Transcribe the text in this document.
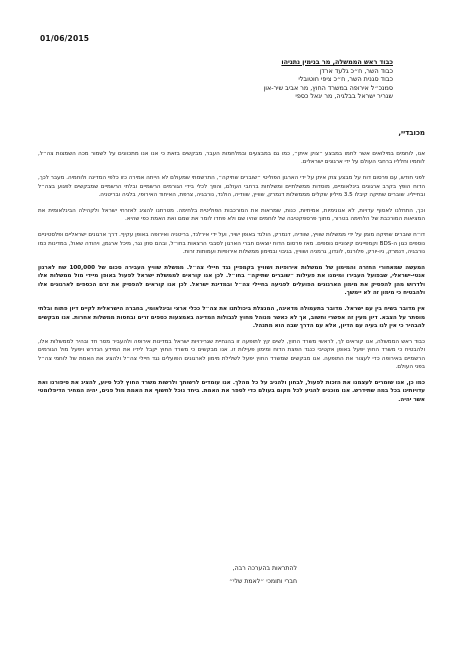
01/06/2015
כבוד ראש הממשלה, מר בנימין נתניהו
כבוד השר, ח״כ גלעד ארדן
כבוד סגנית השר, ח״כ ציפי חוטובלי
סמנכ״ל אירופה במשרד החוץ, מר אביב שיר-און
שגריר ישראל בבלגיה, מר יגאל כספי
מכובדיי,

אנו, לוחמים במילואים אשר לחמו במבצע ״צוק איתן״, כמו גם במבצעים ובמלחמות העבר, מבקשים בזאת כי אנו אנו מתכוונים על לשמור מכה השמצות צה״ל, לוחמיו וחלליו ברחבי העולם על ידי ארגונים ישראלים.

לפני חודש, עם פרסום דוח על מבצע צוק איתן על ידי הארגון הפוליטי ״שוברים שתיקה״, התרשמתי שמעולם לא הייתה אמירה כזו כלפי המדינה ולוחמיה. מעבר לכך, הדוח הופץ בקרב ארגונים בינלאומיים, מוסדות ממשלתיים ומשלחות ברחבי העולם, והפך לכלי בידי הגורמים הרשמיים ובלתי הרשמיים שמבקשים לפגוע בצה״ל ובחייליו. שוברים שתיקה קיבלו 3.5 מיליון שקלים מממשלות דנמרק, שוויץ, שוודיה, הולנד, נורבגיה, צרפת, האיחוד האירופי, בלגיה ובריטניה.

וכך, התחלנו לאסוף עדויות, לא אנונימיות, אמיתיות, כנות, שמראות את המורכבות הפוליטית בלחימה. מטרתנו להציג לאזרחי ישראל ולקהילה הבינלאומית את המציאות המורכבת של הלחימה בטרור, מתוך פרספקטיבה של לוחמים שהיו שם ולא פחדו לומר את שמם ואת האמת כפי שהיא.

דו״ח שוברים שתיקה מומן על ידי ממשלות שוויץ, שוודיה, דנמרק, הולנד באופן ישיר, ועל ידי אירלנד, בריטניה ואירופה באופן עקיף. דרך ארגונים ישראליים ופלסטיניים נוספים כגון ה-BDS וקמפיינים קיצוניים נוספים. מאז פרסום הדוח יוצאים חברי הארגון לסבבי הרצאות בחו״ל, ובהם סוזן נגר, מיכל ארגמן, ויהודה שאול, במדינות כמו נורבגיה, דנמרק, ניו-יורק, פלורנס, לונדון, גרמניה ושוויץ, בגיבוי ובמימון ממשלות אירופיות ועמותות זרות.

המעשה שמאחורי החזרה והמימון של ממשלות אירופיות ושוויץ בקמפיין נגד חיילי צה״ל. ממשלת שוויץ העבירה סכום של 100,000 שח לארגון אנטי-ישראלי, שבפועל העבירו ומימנו את פעילות ״שוברים שתיקה״ בחו״ל. לכן אנו קוראים לממשלת ישראל לפעול באופן מיידי מול ממשלות אלו ולדרוש מהן להפסיק את מימון הארגונים הפועלים לפגיעה בחיילי צה״ל ובמדינת ישראל. לכן אנו קוראים להפסיק את זרם הכספים לארגונים אלו ולהבטיח כי מימון זה לא יימשך.

אין מדובר בשיח בין עם ישראל. מדובר בתעמולה מדאיגה, המנצלת ביכולתנו את צה״ל ככלי ארצי ובינלאומי, בחברה הישראלית לקיים דיון פתוח ובלתי מוסתר על הצבא. דיון מעין זה אפשרי וחשוב, אך לא כאשר מנוהל מחוץ לגבולות המדינה באמצעות כספים זרים ובחסות ממשלות אחרות. אנו מבקשים להבהיר כי אין לנו בעיה עם הדיון, אלא עם הדרך שבה הוא מתנהל.

כבוד ראש הממשלה, אנו קוראים לך, לראשי משרד החוץ, לשים קץ לתופעה זו בהנחיית שגרירויות ישראל במדינות אירופה ולהעביר מסר חד ובהיר לממשלות אלו, ולהבטיח כי משרד החוץ יפעל באופן אקטיבי כנגד הפצת הדוח ומימון פעילות זו. אנו מבקשים כי משרד החוץ יקבל לידיו את המידע הנדרש ויפעל מול הגורמים הרשמיים באירופה כדי לעצור את התופעה. אנו מבקשים שמשרד החוץ יפעל לשלילת מימון לארגונים הפועלים נגד חיילי צה״ל ולהציג את האמת של לוחמי צה״ל בפני העולם.

כמו כן, אנו שומרים לעצמנו את הזכות לפעול, לבחון ולהגיב על כל מהלך. אנו עומדים לרשותך ולרשות משרד החוץ לכל סיוע, להציג את סיפורנו ואת עדויותינו בכל במה שתידרש. אנו מוכנים להגיע לכל מקום בעולם כדי לספר את האמת. ביחד נוכל לחשוף את האמת מול פנים, יהיה המחיר הדיפלומטי אשר יהיה.

להתראות בהערכה רבה,
חברי ותומכי ״לאמת שלי״
